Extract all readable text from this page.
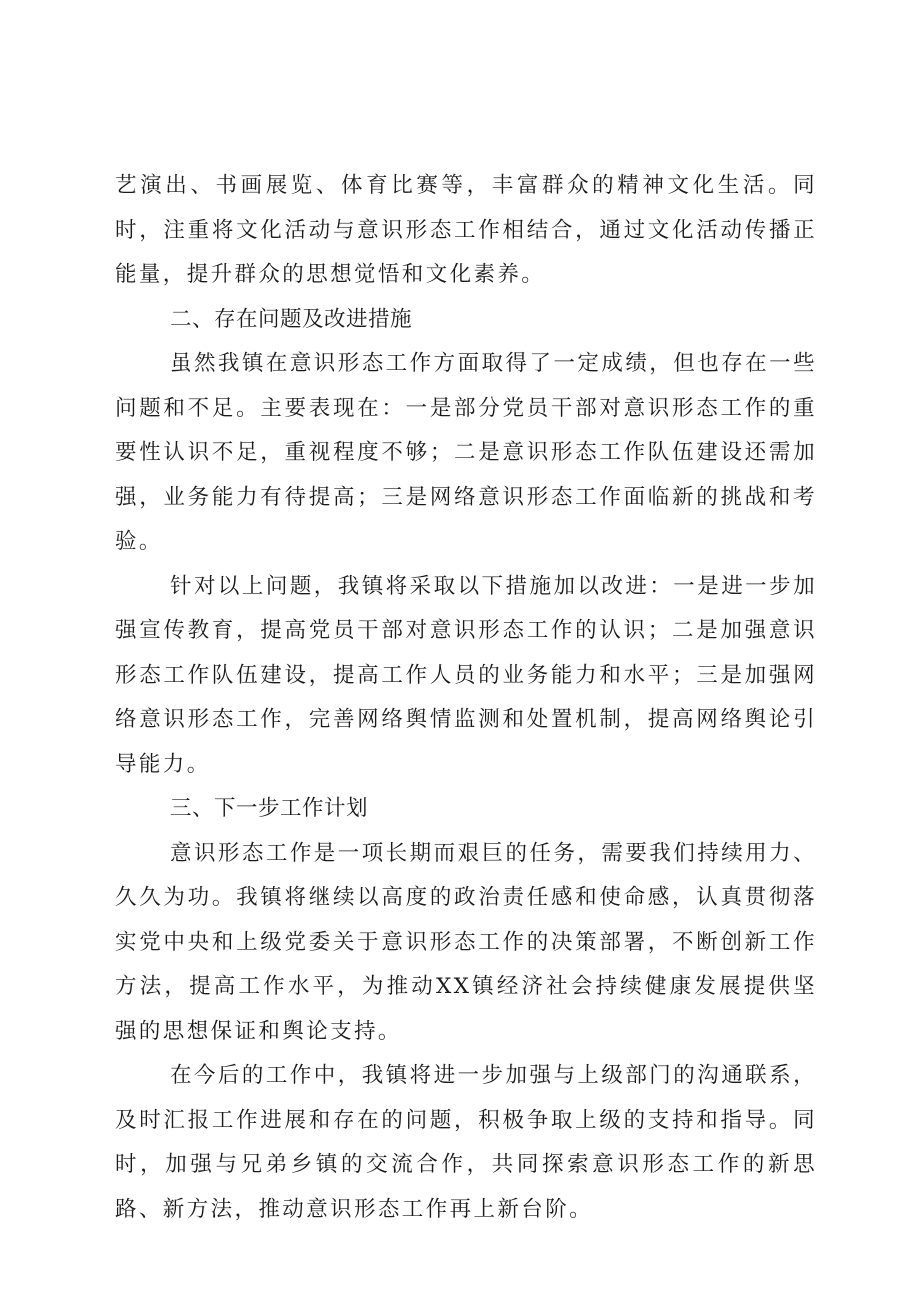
艺演出、书画展览、体育比赛等，丰富群众的精神文化生活。同时，注重将文化活动与意识形态工作相结合，通过文化活动传播正能量，提升群众的思想觉悟和文化素养。

二、存在问题及改进措施

虽然我镇在意识形态工作方面取得了一定成绩，但也存在一些问题和不足。主要表现在：一是部分党员干部对意识形态工作的重要性认识不足，重视程度不够；二是意识形态工作队伍建设还需加强，业务能力有待提高；三是网络意识形态工作面临新的挑战和考验。

针对以上问题，我镇将采取以下措施加以改进：一是进一步加强宣传教育，提高党员干部对意识形态工作的认识；二是加强意识形态工作队伍建设，提高工作人员的业务能力和水平；三是加强网络意识形态工作，完善网络舆情监测和处置机制，提高网络舆论引导能力。

三、下一步工作计划

意识形态工作是一项长期而艰巨的任务，需要我们持续用力、久久为功。我镇将继续以高度的政治责任感和使命感，认真贯彻落实党中央和上级党委关于意识形态工作的决策部署，不断创新工作方法，提高工作水平，为推动XX镇经济社会持续健康发展提供坚强的思想保证和舆论支持。

在今后的工作中，我镇将进一步加强与上级部门的沟通联系，及时汇报工作进展和存在的问题，积极争取上级的支持和指导。同时，加强与兄弟乡镇的交流合作，共同探索意识形态工作的新思路、新方法，推动意识形态工作再上新台阶。
